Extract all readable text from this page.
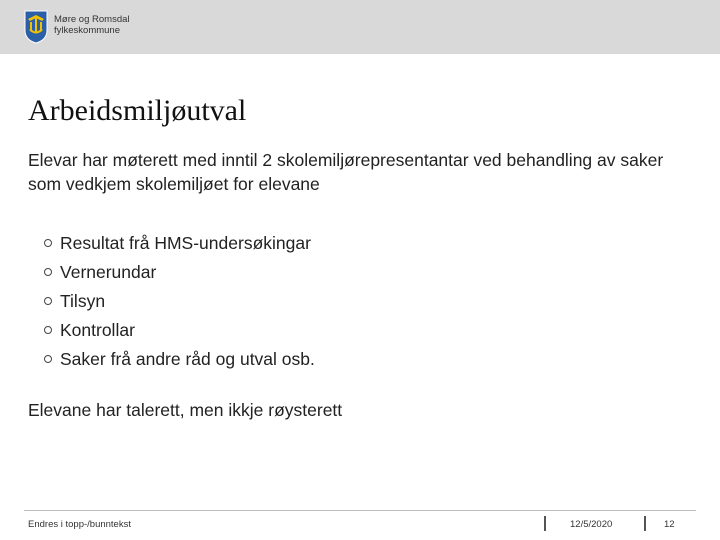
Møre og Romsdal
fylkeskommune
Arbeidsmiljøutval
Elevar har møterett med inntil 2 skolemiljørepresentantar ved behandling av saker som vedkjem skolemiljøet for elevane
Resultat frå HMS-undersøkingar
Vernerundar
Tilsyn
Kontrollar
Saker frå andre råd og utval osb.
Elevane har talerett, men ikkje røysterett
Endres i topp-/bunntekst	12/5/2020	12
